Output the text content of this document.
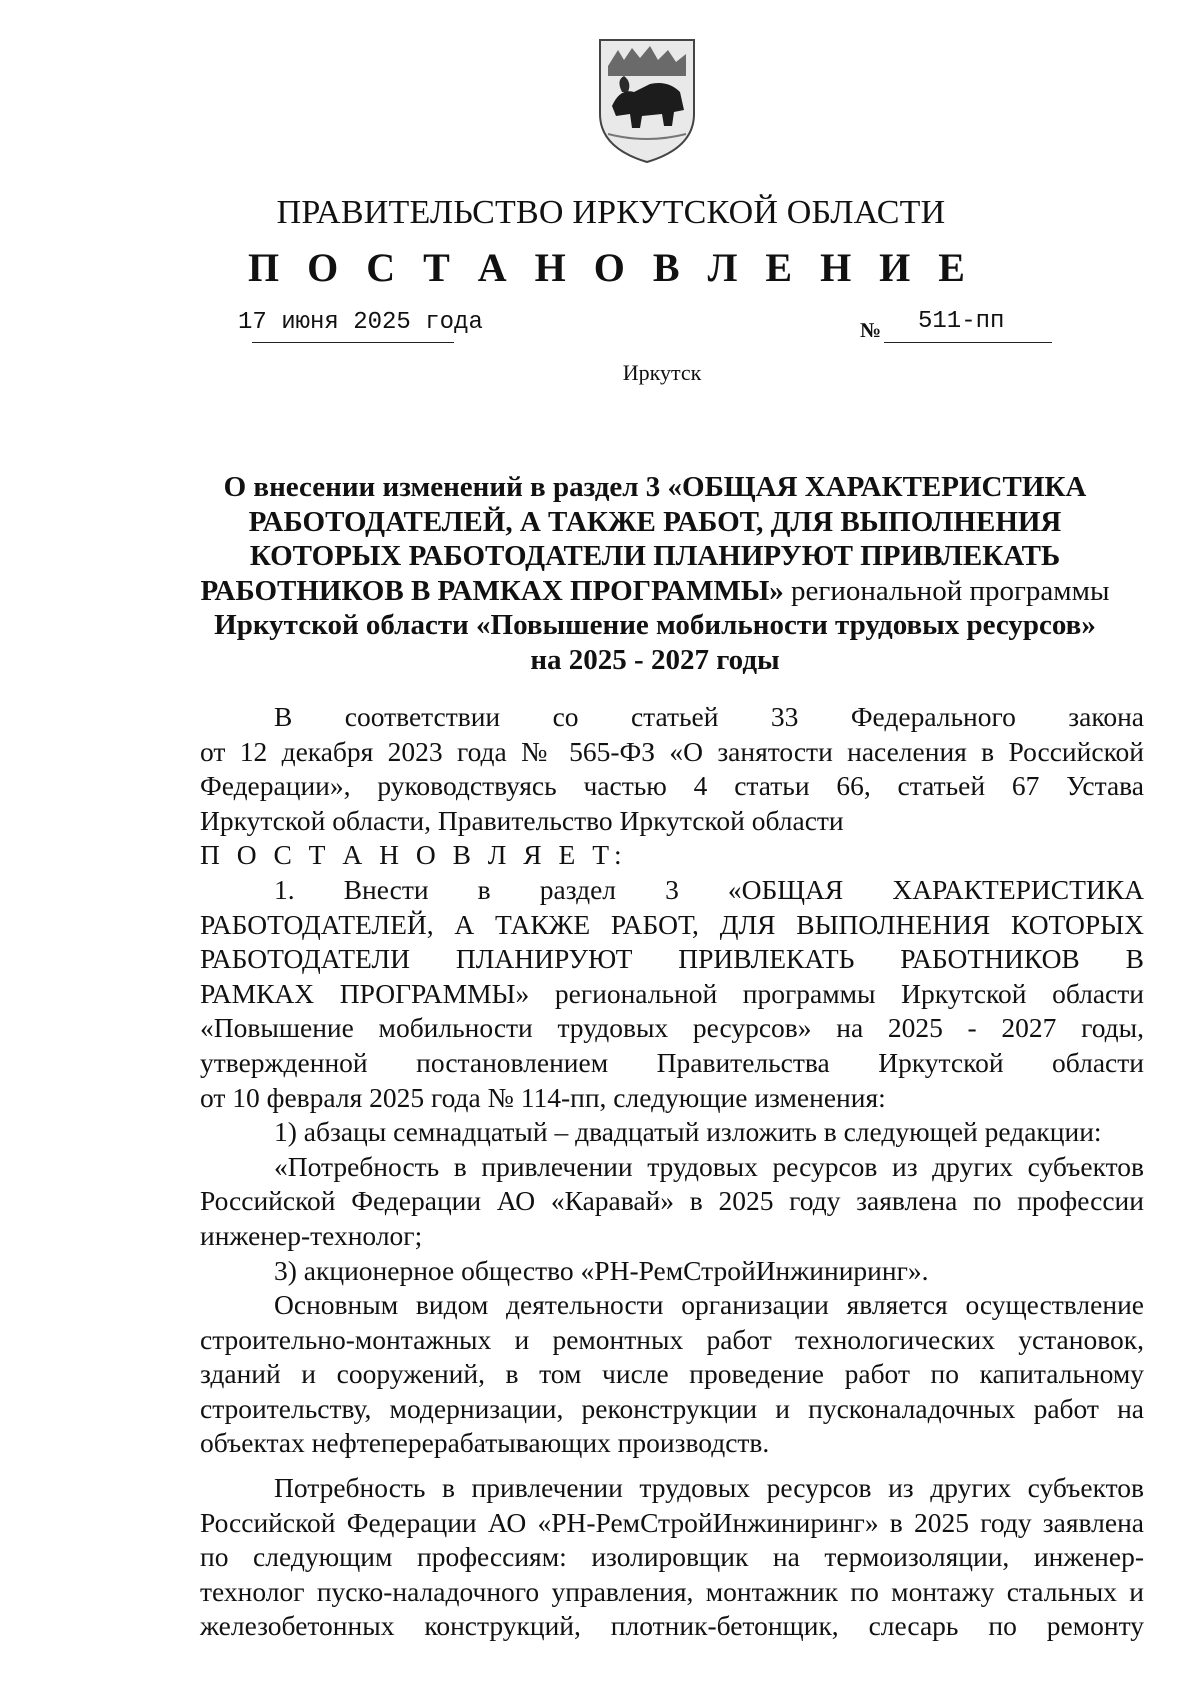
ПРАВИТЕЛЬСТВО ИРКУТСКОЙ ОБЛАСТИ
П О С Т А Н О В Л Е Н И Е
17 июня 2025 года	№ 511-пп
Иркутск
О внесении изменений в раздел 3 «ОБЩАЯ ХАРАКТЕРИСТИКА
РАБОТОДАТЕЛЕЙ, А ТАКЖЕ РАБОТ, ДЛЯ ВЫПОЛНЕНИЯ
КОТОРЫХ РАБОТОДАТЕЛИ ПЛАНИРУЮТ ПРИВЛЕКАТЬ
РАБОТНИКОВ В РАМКАХ ПРОГРАММЫ» региональной программы
Иркутской области «Повышение мобильности трудовых ресурсов»
на 2025 - 2027 годы
В соответствии со статьей 33 Федерального закона
от 12 декабря 2023 года № 565-ФЗ «О занятости населения в Российской
Федерации», руководствуясь частью 4 статьи 66, статьей 67 Устава
Иркутской области, Правительство Иркутской области
П О С Т А Н О В Л Я Е Т:
1. Внести в раздел 3 «ОБЩАЯ ХАРАКТЕРИСТИКА
РАБОТОДАТЕЛЕЙ, А ТАКЖЕ РАБОТ, ДЛЯ ВЫПОЛНЕНИЯ КОТОРЫХ
РАБОТОДАТЕЛИ ПЛАНИРУЮТ ПРИВЛЕКАТЬ РАБОТНИКОВ В
РАМКАХ ПРОГРАММЫ» региональной программы Иркутской области
«Повышение мобильности трудовых ресурсов» на 2025 - 2027 годы,
утвержденной постановлением Правительства Иркутской области
от 10 февраля 2025 года № 114-пп, следующие изменения:
1) абзацы семнадцатый – двадцатый изложить в следующей редакции:
«Потребность в привлечении трудовых ресурсов из других субъектов
Российской Федерации АО «Каравай» в 2025 году заявлена по профессии
инженер-технолог;
3) акционерное общество «РН-РемСтройИнжиниринг».
Основным видом деятельности организации является осуществление
строительно-монтажных и ремонтных работ технологических установок,
зданий и сооружений, в том числе проведение работ по капитальному
строительству, модернизации, реконструкции и пусконаладочных работ на
объектах нефтеперерабатывающих производств.
Потребность в привлечении трудовых ресурсов из других субъектов
Российской Федерации АО «РН-РемСтройИнжиниринг» в 2025 году заявлена
по следующим профессиям: изолировщик на термоизоляции, инженер-
технолог пуско-наладочного управления, монтажник по монтажу стальных и
железобетонных конструкций, плотник-бетонщик, слесарь по ремонту
